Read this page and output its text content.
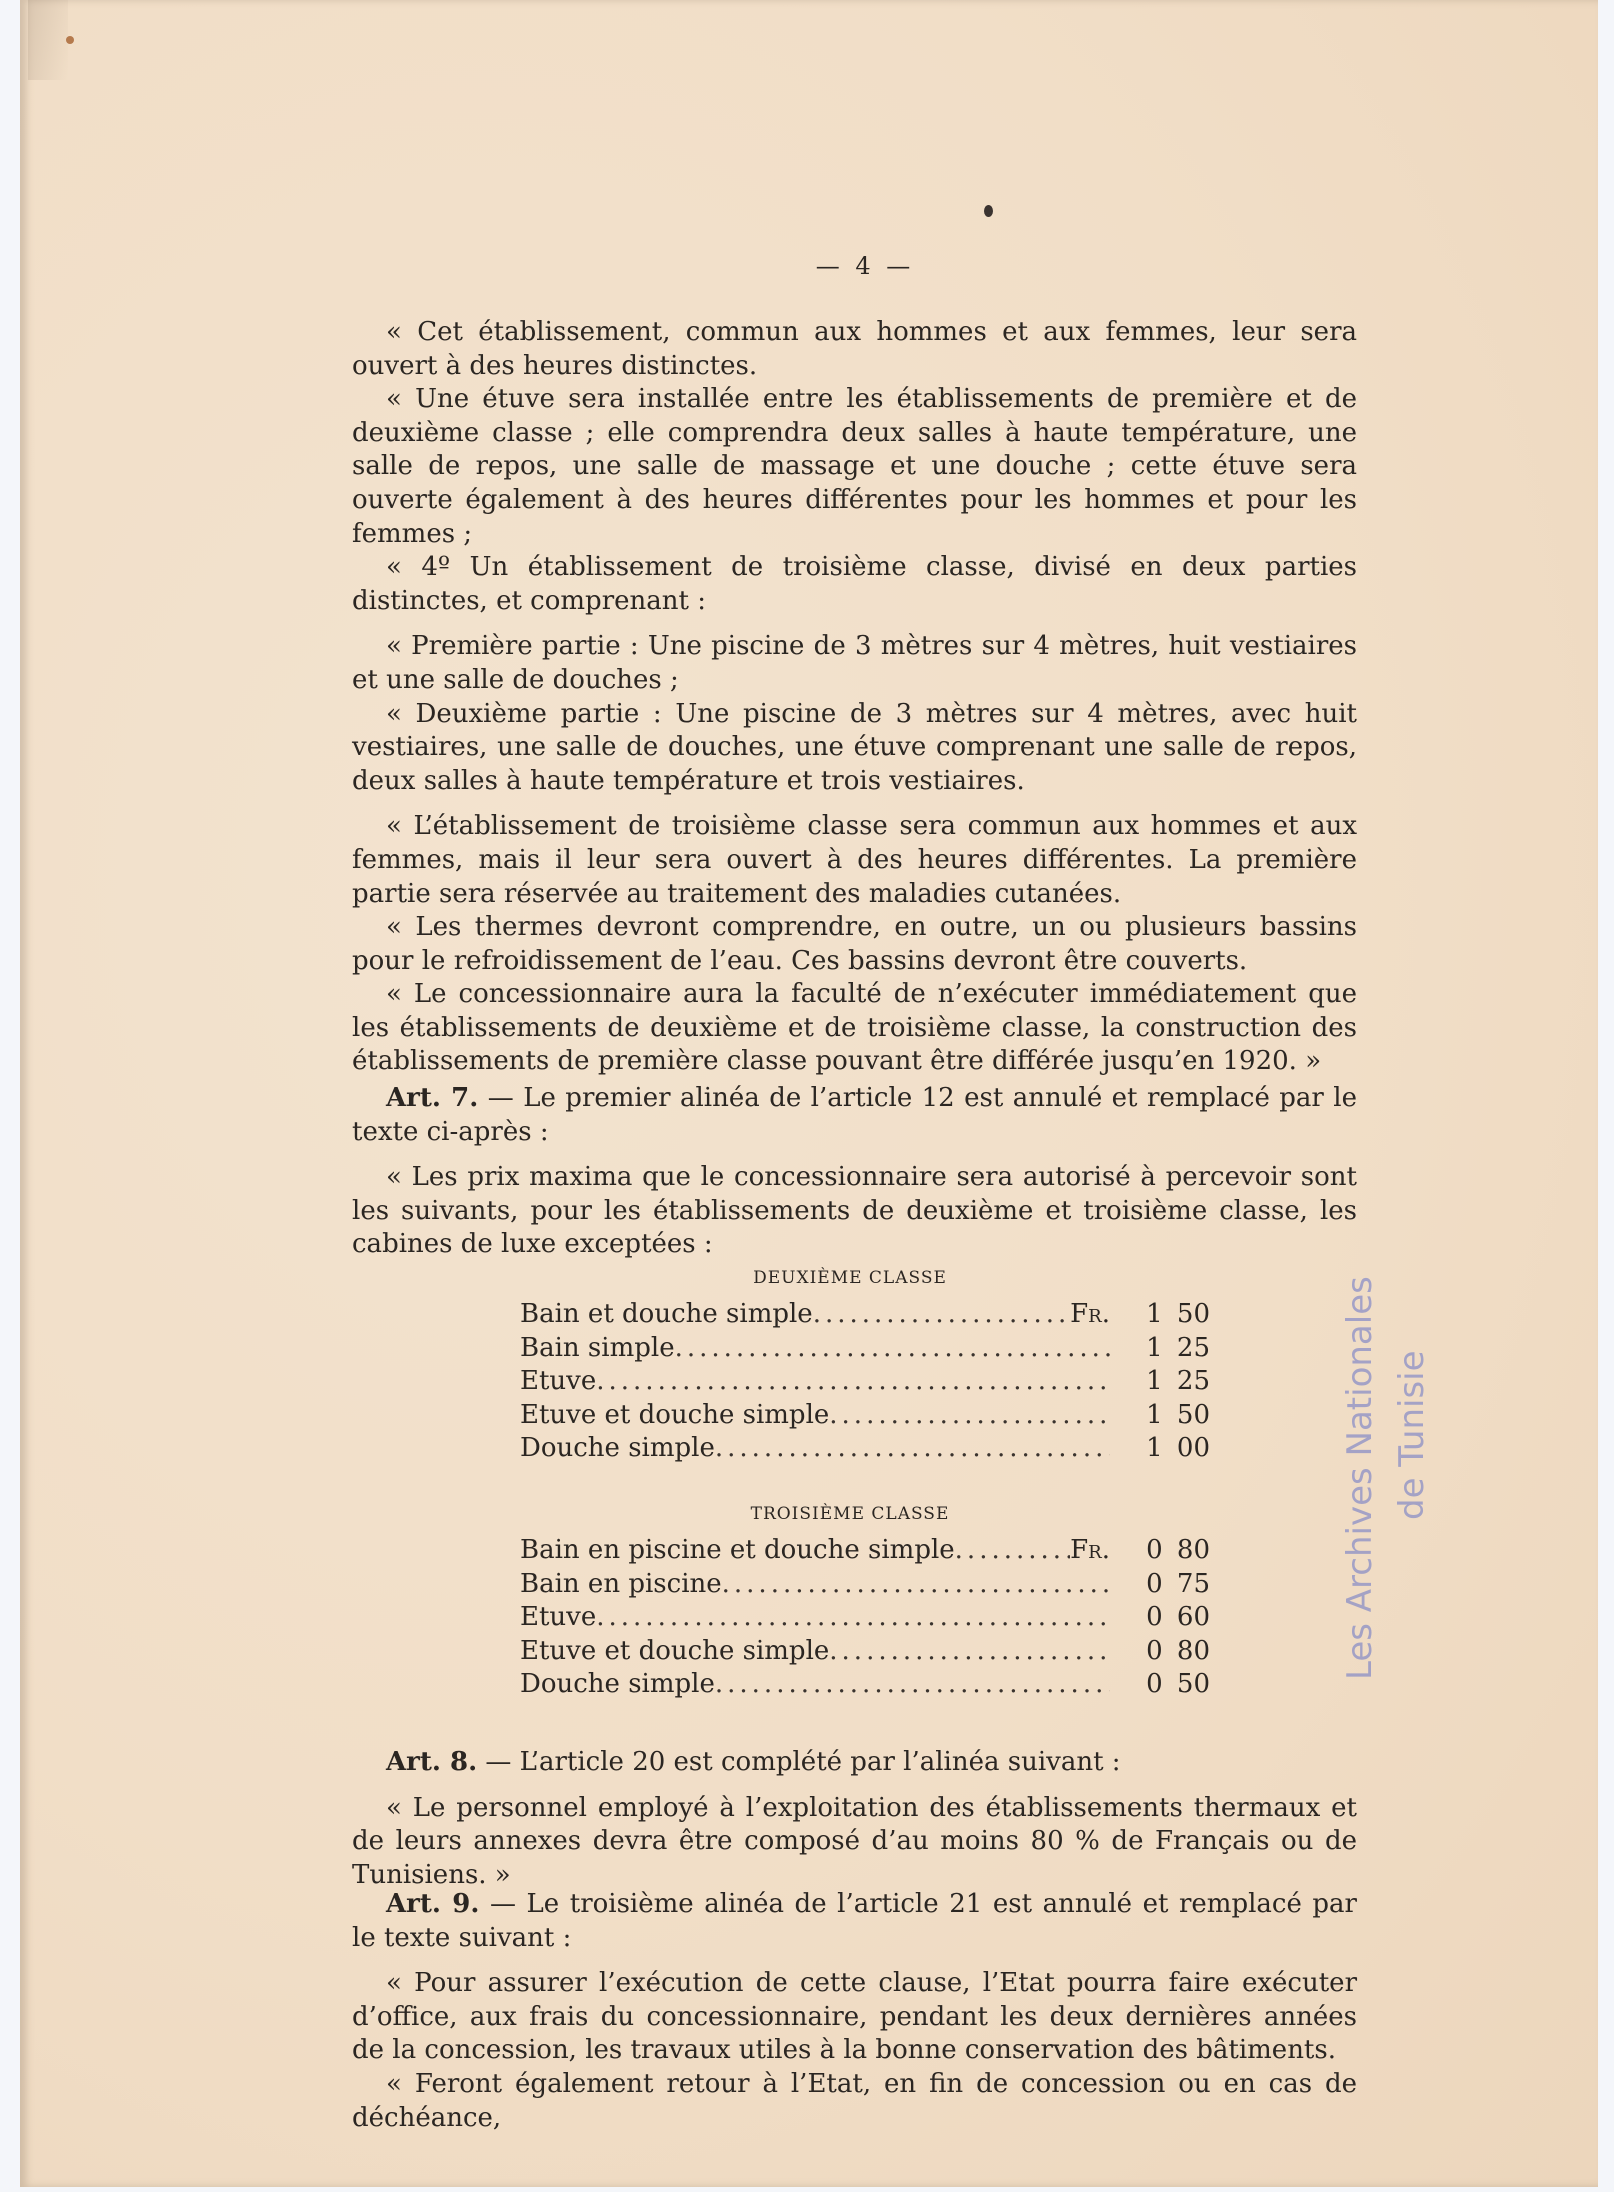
— 4 —

« Cet établissement, commun aux hommes et aux femmes, leur sera ouvert à des heures distinctes.

« Une étuve sera installée entre les établissements de première et de deuxième classe ; elle comprendra deux salles à haute température, une salle de repos, une salle de massage et une douche ; cette étuve sera ouverte également à des heures différentes pour les hommes et pour les femmes ;

« 4º Un établissement de troisième classe, divisé en deux parties distinctes, et comprenant :

« Première partie : Une piscine de 3 mètres sur 4 mètres, huit vestiaires et une salle de douches ;

« Deuxième partie : Une piscine de 3 mètres sur 4 mètres, avec huit vestiaires, une salle de douches, une étuve comprenant une salle de repos, deux salles à haute température et trois vestiaires.

« L’établissement de troisième classe sera commun aux hommes et aux femmes, mais il leur sera ouvert à des heures différentes. La première partie sera réservée au traitement des maladies cutanées.

« Les thermes devront comprendre, en outre, un ou plusieurs bassins pour le refroidissement de l’eau. Ces bassins devront être couverts.

« Le concessionnaire aura la faculté de n’exécuter immédiatement que les établissements de deuxième et de troisième classe, la construction des établissements de première classe pouvant être différée jusqu’en 1920. »

Art. 7. — Le premier alinéa de l’article 12 est annulé et remplacé par le texte ci-après :

« Les prix maxima que le concessionnaire sera autorisé à percevoir sont les suivants, pour les établissements de deuxième et troisième classe, les cabines de luxe exceptées :

DEUXIÈME CLASSE
Bain et douche simple .....	Fr.	1 50
Bain simple .....	1 25
Etuve .....	1 25
Etuve et douche simple .....	1 50
Douche simple .....	1 00
TROISIÈME CLASSE
Bain en piscine et douche simple .....	Fr.	0 80
Bain en piscine .....	0 75
Etuve .....	0 60
Etuve et douche simple .....	0 80
Douche simple .....	0 50

Art. 8. — L’article 20 est complété par l’alinéa suivant :

« Le personnel employé à l’exploitation des établissements thermaux et de leurs annexes devra être composé d’au moins 80 % de Français ou de Tunisiens. »

Art. 9. — Le troisième alinéa de l’article 21 est annulé et remplacé par le texte suivant :

« Pour assurer l’exécution de cette clause, l’Etat pourra faire exécuter d’office, aux frais du concessionnaire, pendant les deux dernières années de la concession, les travaux utiles à la bonne conservation des bâtiments.

« Feront également retour à l’Etat, en fin de concession ou en cas de déchéance,

Les Archives Nationales de Tunisie
